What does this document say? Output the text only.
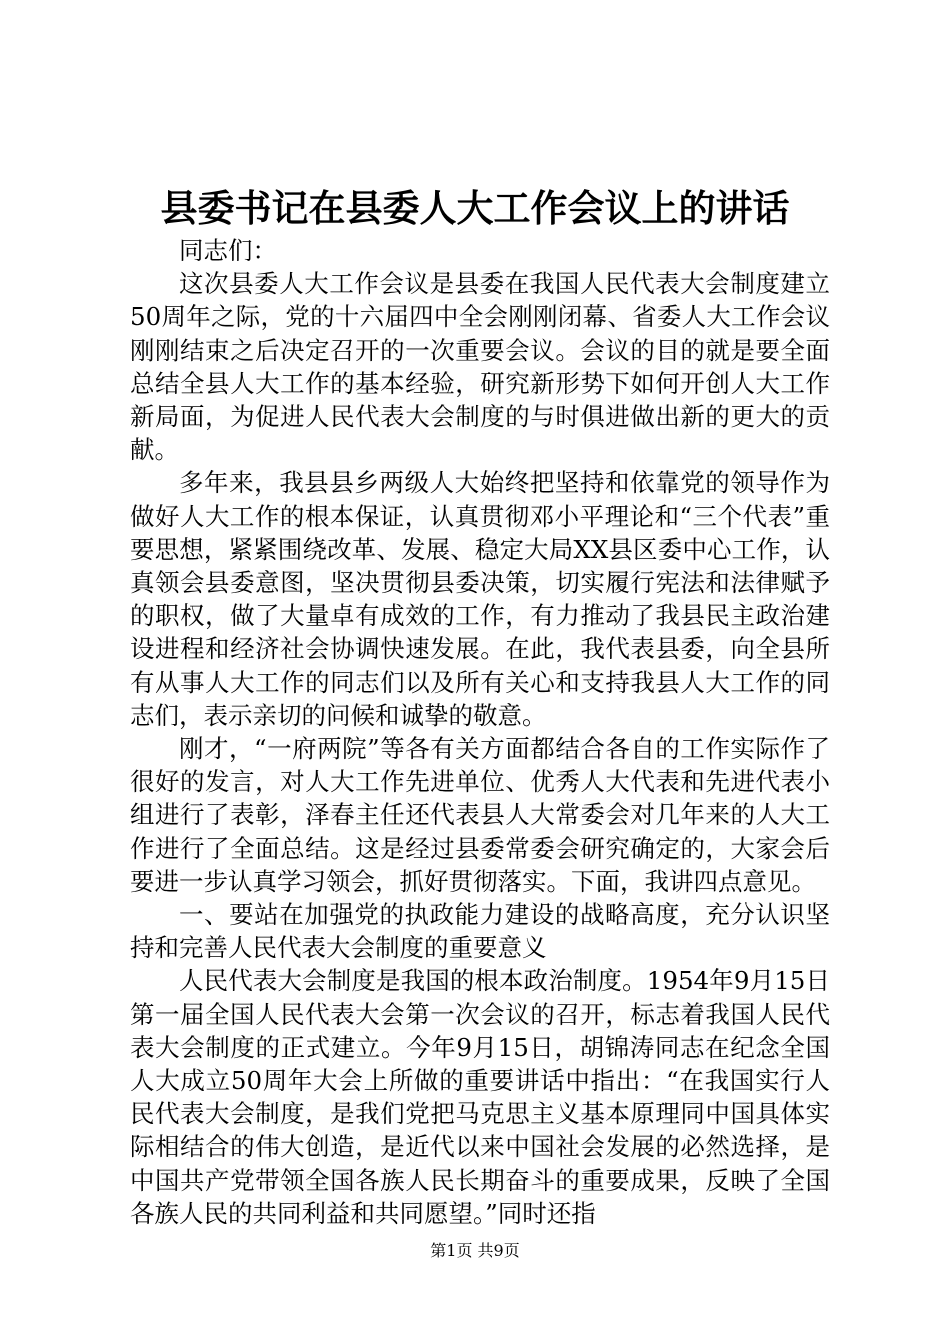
县委书记在县委人大工作会议上的讲话

同志们：

这次县委人大工作会议是县委在我国人民代表大会制度建立50周年之际，党的十六届四中全会刚刚闭幕、省委人大工作会议刚刚结束之后决定召开的一次重要会议。会议的目的就是要全面总结全县人大工作的基本经验，研究新形势下如何开创人大工作新局面，为促进人民代表大会制度的与时俱进做出新的更大的贡献。

多年来，我县县乡两级人大始终把坚持和依靠党的领导作为做好人大工作的根本保证，认真贯彻邓小平理论和“三个代表”重要思想，紧紧围绕改革、发展、稳定大局XX县区委中心工作，认真领会县委意图，坚决贯彻县委决策，切实履行宪法和法律赋予的职权，做了大量卓有成效的工作，有力推动了我县民主政治建设进程和经济社会协调快速发展。在此，我代表县委，向全县所有从事人大工作的同志们以及所有关心和支持我县人大工作的同志们，表示亲切的问候和诚挚的敬意。

刚才，“一府两院”等各有关方面都结合各自的工作实际作了很好的发言，对人大工作先进单位、优秀人大代表和先进代表小组进行了表彰，泽春主任还代表县人大常委会对几年来的人大工作进行了全面总结。这是经过县委常委会研究确定的，大家会后要进一步认真学习领会，抓好贯彻落实。下面，我讲四点意见。

一、要站在加强党的执政能力建设的战略高度，充分认识坚持和完善人民代表大会制度的重要意义

人民代表大会制度是我国的根本政治制度。1954年9月15日第一届全国人民代表大会第一次会议的召开，标志着我国人民代表大会制度的正式建立。今年9月15日，胡锦涛同志在纪念全国人大成立50周年大会上所做的重要讲话中指出：“在我国实行人民代表大会制度，是我们党把马克思主义基本原理同中国具体实际相结合的伟大创造，是近代以来中国社会发展的必然选择，是中国共产党带领全国各族人民长期奋斗的重要成果，反映了全国各族人民的共同利益和共同愿望。”同时还指

第1页 共9页
